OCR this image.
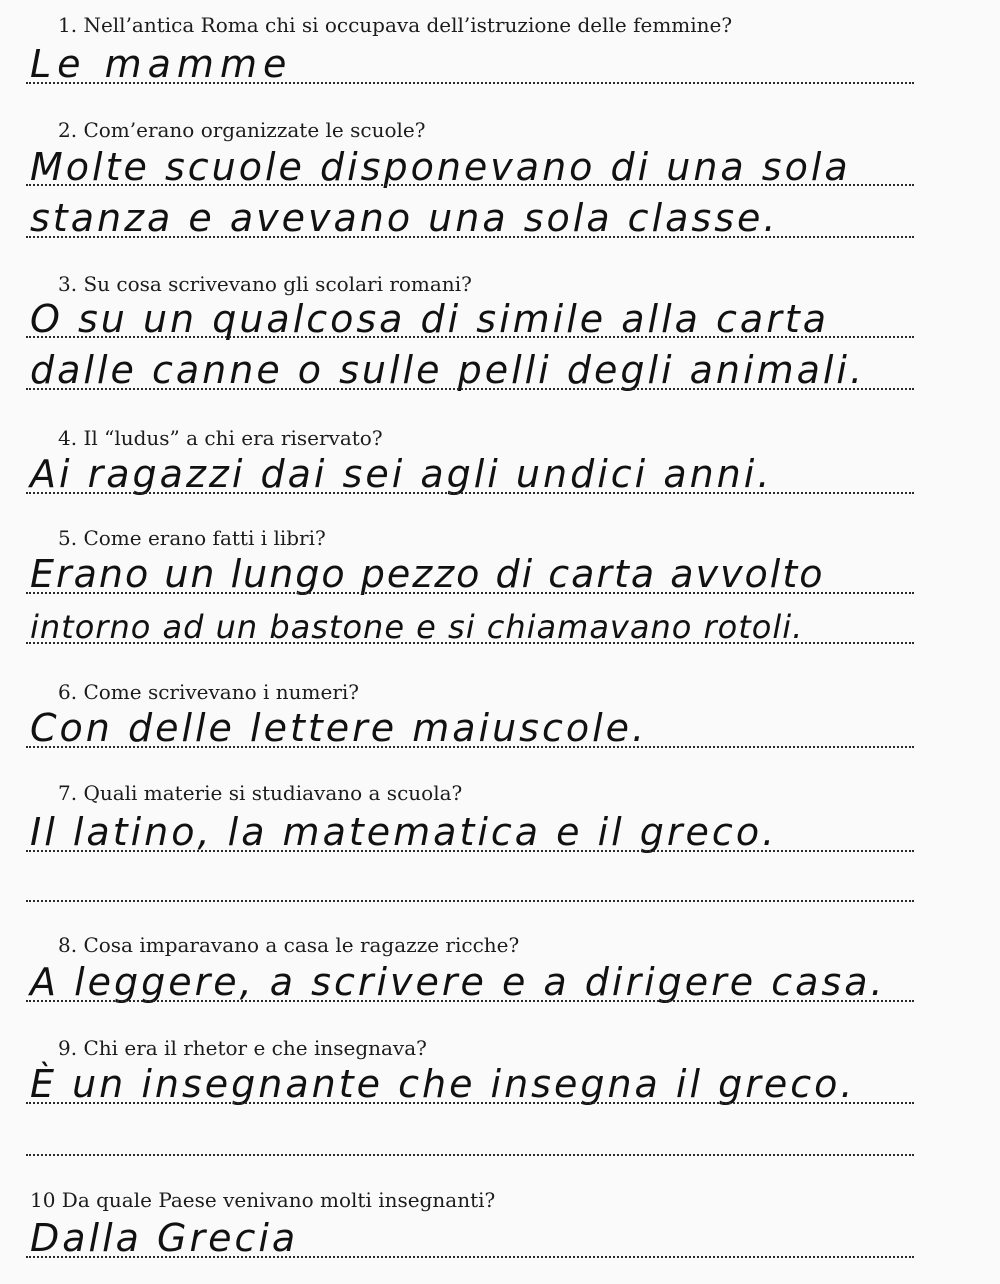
1. Nell’antica Roma chi si occupava dell’istruzione delle femmine?

Le mamme

2. Com’erano organizzate le scuole?

Molte scuole disponevano di una sola

stanza e avevano una sola classe.

3. Su cosa scrivevano gli scolari romani?

O su un qualcosa di simile alla carta

dalle canne o sulle pelli degli animali.

4. Il “ludus” a chi era riservato?

Ai ragazzi dai sei agli undici anni.

5. Come erano fatti i libri?

Erano un lungo pezzo di carta avvolto

intorno ad un bastone e si chiamavano rotoli.

6. Come scrivevano i numeri?

Con delle lettere maiuscole.

7. Quali materie si studiavano a scuola?

Il latino, la matematica e il greco.

8. Cosa imparavano a casa le ragazze ricche?

A leggere, a scrivere e a dirigere casa.

9. Chi era il rhetor e che insegnava?

È un insegnante che insegna il greco.

10 Da quale Paese venivano molti insegnanti?

Dalla Grecia
